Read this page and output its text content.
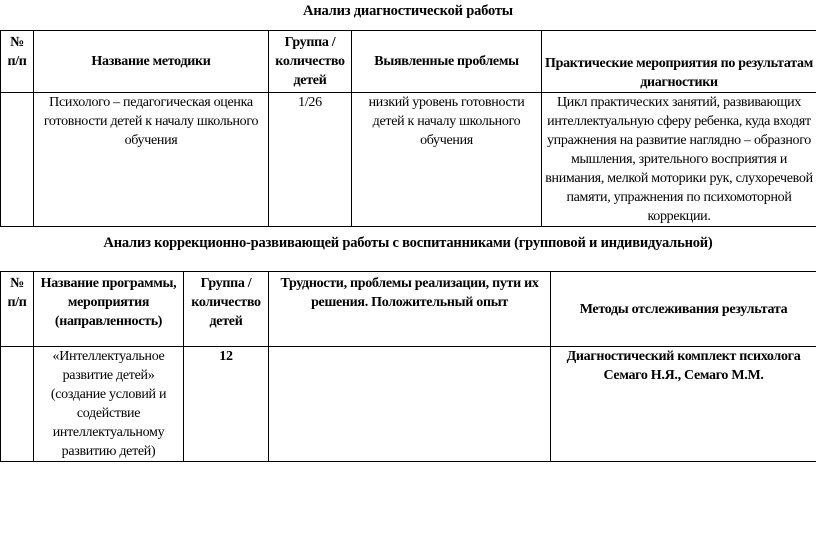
Анализ диагностической работы
№ п/п	Название методики	Группа / количество детей	Выявленные проблемы	Практические мероприятия по результатам диагностики
	Психолого – педагогическая оценка готовности детей к началу школьного обучения	1/26	низкий уровень готовности детей к началу школьного обучения	Цикл практических занятий, развивающих интеллектуальную сферу ребенка, куда входят упражнения на развитие наглядно – образного мышления, зрительного восприятия и внимания, мелкой моторики рук, слухоречевой памяти, упражнения по психомоторной коррекции.
Анализ коррекционно-развивающей работы с воспитанниками (групповой и индивидуальной)
№ п/п	Название программы, мероприятия (направленность)	Группа / количество детей	Трудности, проблемы реализации, пути их решения. Положительный опыт	Методы отслеживания результата
	«Интеллектуальное развитие детей» (создание условий и содействие интеллектуальному развитию детей)	12		Диагностический комплект психолога Семаго Н.Я., Семаго М.М.
